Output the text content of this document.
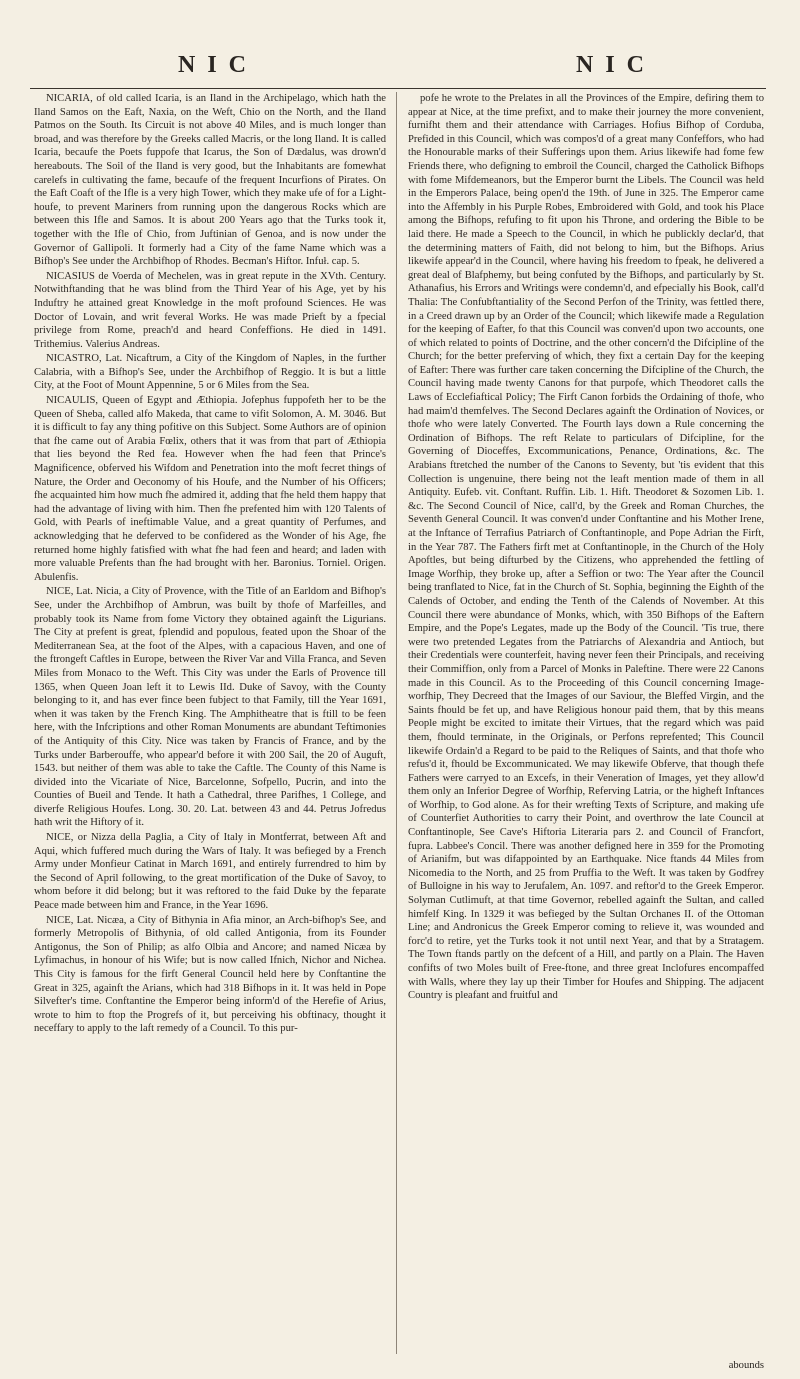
N I C	N I C

NICARIA, of old called Icaria, is an Iland in the Archipelago, which hath the Iland Samos on the Eaft, Naxia, on the Weft, Chio on the North, and the Iland Patmos on the South. Its Circuit is not above 40 Miles, and is much longer than broad, and was therefore by the Greeks called Macris, or the long Iland. It is called Icaria, becaufe the Poets fuppofe that Icarus, the Son of Dædalus, was drown'd hereabouts. The Soil of the Iland is very good, but the Inhabitants are fomewhat carelefs in cultivating the fame, becaufe of the frequent Incurfions of Pirates. On the Eaft Coaft of the Ifle is a very high Tower, which they make ufe of for a Light-houfe, to prevent Mariners from running upon the dangerous Rocks which are between this Ifle and Samos. It is about 200 Years ago that the Turks took it, together with the Ifle of Chio, from Juftinian of Genoa, and is now under the Governor of Gallipoli. It formerly had a City of the fame Name which was a Bifhop's See under the Archbifhop of Rhodes. Becman's Hiftor. Infuł. cap. 5.

NICASIUS de Voerda of Mechelen, was in great repute in the XVth. Century. Notwithftanding that he was blind from the Third Year of his Age, yet by his Induftry he attained great Knowledge in the moft profound Sciences. He was Doctor of Lovain, and writ feveral Works. He was made Prieft by a fpecial privilege from Rome, preach'd and heard Confeffions. He died in 1491. Trithemius. Valerius Andreas.

NICASTRO, Lat. Nicaftrum, a City of the Kingdom of Naples, in the further Calabria, with a Bifhop's See, under the Archbifhop of Reggio. It is but a little City, at the Foot of Mount Appennine, 5 or 6 Miles from the Sea.

NICAULIS, Queen of Egypt and Æthiopia. Jofephus fuppofeth her to be the Queen of Sheba, called alfo Makeda, that came to vifit Solomon, A. M. 3046. But it is difficult to fay any thing pofitive on this Subject. Some Authors are of opinion that fhe came out of Arabia Fœlix, others that it was from that part of Æthiopia that lies beyond the Red fea. However when fhe had feen that Prince's Magnificence, obferved his Wifdom and Penetration into the moft fecret things of Nature, the Order and Oeconomy of his Houfe, and the Number of his Officers; fhe acquainted him how much fhe admired it, adding that fhe held them happy that had the advantage of living with him. Then fhe prefented him with 120 Talents of Gold, with Pearls of ineftimable Value, and a great quantity of Perfumes, and acknowledging that he deferved to be confidered as the Wonder of his Age, fhe returned home highly fatisfied with what fhe had feen and heard; and laden with more valuable Prefents than fhe had brought with her. Baronius. Torniel. Origen. Abulenfis.

NICE, Lat. Nicia, a City of Provence, with the Title of an Earldom and Bifhop's See, under the Archbifhop of Ambrun, was built by thofe of Marfeilles, and probably took its Name from fome Victory they obtained againft the Ligurians. The City at prefent is great, fplendid and populous, feated upon the Shoar of the Mediterranean Sea, at the foot of the Alpes, with a capacious Haven, and one of the ftrongeft Caftles in Europe, between the River Var and Villa Franca, and Seven Miles from Monaco to the Weft. This City was under the Earls of Provence till 1365, when Queen Joan left it to Lewis IId. Duke of Savoy, with the County belonging to it, and has ever fince been fubject to that Family, till the Year 1691, when it was taken by the French King. The Amphitheatre that is ftill to be feen here, with the Infcriptions and other Roman Monuments are abundant Teftimonies of the Antiquity of this City. Nice was taken by Francis of France, and by the Turks under Barberouffe, who appear'd before it with 200 Sail, the 20 of Auguft, 1543. but neither of them was able to take the Caftle. The County of this Name is divided into the Vicariate of Nice, Barcelonne, Sofpello, Pucrin, and into the Counties of Bueil and Tende. It hath a Cathedral, three Parifhes, 1 College, and diverfe Religious Houfes. Long. 30. 20. Lat. between 43 and 44. Petrus Jofredus hath writ the Hiftory of it.

NICE, or Nizza della Paglia, a City of Italy in Montferrat, between Aft and Aqui, which fuffered much during the Wars of Italy. It was befieged by a French Army under Monfieur Catinat in March 1691, and entirely furrendred to him by the Second of April following, to the great mortification of the Duke of Savoy, to whom before it did belong; but it was reftored to the faid Duke by the feparate Peace made between him and France, in the Year 1696.

NICE, Lat. Nicæa, a City of Bithynia in Afia minor, an Arch-bifhop's See, and formerly Metropolis of Bithynia, of old called Antigonia, from its Founder Antigonus, the Son of Philip; as alfo Olbia and Ancore; and named Nicæa by Lyfimachus, in honour of his Wife; but is now called Ifnich, Nichor and Nichea. This City is famous for the firft General Council held here by Conftantine the Great in 325, againft the Arians, which had 318 Bifhops in it. It was held in Pope Silvefter's time. Conftantine the Emperor being inform'd of the Herefie of Arius, wrote to him to ftop the Progrefs of it, but perceiving his obftinacy, thought it neceffary to apply to the laft remedy of a Council. To this pur-

pofe he wrote to the Prelates in all the Provinces of the Empire, defiring them to appear at Nice, at the time prefixt, and to make their journey the more convenient, furnifht them and their attendance with Carriages. Hofius Bifhop of Corduba, Prefided in this Council, which was compos'd of a great many Confeffors, who had the Honourable marks of their Sufferings upon them. Arius likewife had fome few Friends there, who defigning to embroil the Council, charged the Catholick Bifhops with fome Mifdemeanors, but the Emperor burnt the Libels. The Council was held in the Emperors Palace, being open'd the 19th. of June in 325. The Emperor came into the Affembly in his Purple Robes, Embroidered with Gold, and took his Place among the Bifhops, refufing to fit upon his Throne, and ordering the Bible to be laid there. He made a Speech to the Council, in which he publickly declar'd, that the determining matters of Faith, did not belong to him, but the Bifhops. Arius likewife appear'd in the Council, where having his freedom to fpeak, he delivered a great deal of Blafphemy, but being confuted by the Bifhops, and particularly by St. Athanafius, his Errors and Writings were condemn'd, and efpecially his Book, call'd Thalia: The Confubftantiality of the Second Perfon of the Trinity, was fettled there, in a Creed drawn up by an Order of the Council; which likewife made a Regulation for the keeping of Eafter, fo that this Council was conven'd upon two accounts, one of which related to points of Doctrine, and the other concern'd the Difcipline of the Church; for the better preferving of which, they fixt a certain Day for the keeping of Eafter: There was further care taken concerning the Difcipline of the Church, the Council having made twenty Canons for that purpofe, which Theodoret calls the Laws of Ecclefiaftical Policy; The Firft Canon forbids the Ordaining of thofe, who had maim'd themfelves. The Second Declares againft the Ordination of Novices, or thofe who were lately Converted. The Fourth lays down a Rule concerning the Ordination of Bifhops. The reft Relate to particulars of Difcipline, for the Governing of Dioceffes, Excommunications, Penance, Ordinations, &c. The Arabians ftretched the number of the Canons to Seventy, but 'tis evident that this Collection is ungenuine, there being not the leaft mention made of them in all Antiquity. Eufeb. vit. Conftant. Ruffin. Lib. 1. Hift. Theodoret & Sozomen Lib. 1. &c. The Second Council of Nice, call'd, by the Greek and Roman Churches, the Seventh General Council. It was conven'd under Conftantine and his Mother Irene, at the Inftance of Terrafius Patriarch of Conftantinople, and Pope Adrian the Firft, in the Year 787. The Fathers firft met at Conftantinople, in the Church of the Holy Apoftles, but being difturbed by the Citizens, who apprehended the fettling of Image Worfhip, they broke up, after a Seffion or two: The Year after the Council being tranflated to Nice, fat in the Church of St. Sophia, beginning the Eighth of the Calends of October, and ending the Tenth of the Calends of November. At this Council there were abundance of Monks, which, with 350 Bifhops of the Eaftern Empire, and the Pope's Legates, made up the Body of the Council. 'Tis true, there were two pretended Legates from the Patriarchs of Alexandria and Antioch, but their Credentials were counterfeit, having never feen their Principals, and receiving their Commiffion, only from a Parcel of Monks in Paleftine. There were 22 Canons made in this Council. As to the Proceeding of this Council concerning Image-worfhip, They Decreed that the Images of our Saviour, the Bleffed Virgin, and the Saints fhould be fet up, and have Religious honour paid them, that by this means People might be excited to imitate their Virtues, that the regard which was paid them, fhould terminate, in the Originals, or Perfons reprefented; This Council likewife Ordain'd a Regard to be paid to the Reliques of Saints, and that thofe who refus'd it, fhould be Excommunicated. We may likewife Obferve, that though thefe Fathers were carryed to an Excefs, in their Veneration of Images, yet they allow'd them only an Inferior Degree of Worfhip, Referving Latria, or the higheft Inftances of Worfhip, to God alone. As for their wrefting Texts of Scripture, and making ufe of Counterfiet Authorities to carry their Point, and overthrow the late Council at Conftantinople, See Cave's Hiftoria Literaria pars 2. and Council of Francfort, fupra. Labbee's Concil. There was another defigned here in 359 for the Promoting of Arianifm, but was difappointed by an Earthquake. Nice ftands 44 Miles from Nicomedia to the North, and 25 from Pruffia to the Weft. It was taken by Godfrey of Bulloigne in his way to Jerufalem, An. 1097. and reftor'd to the Greek Emperor. Solyman Cutlimuft, at that time Governor, rebelled againft the Sultan, and called himfelf King. In 1329 it was befieged by the Sultan Orchanes II. of the Ottoman Line; and Andronicus the Greek Emperor coming to relieve it, was wounded and forc'd to retire, yet the Turks took it not until next Year, and that by a Stratagem. The Town ftands partly on the defcent of a Hill, and partly on a Plain. The Haven confifts of two Moles built of Free-ftone, and three great Inclofures encompaffed with Walls, where they lay up their Timber for Houfes and Shipping. The adjacent Country is pleafant and fruitful and

abounds
